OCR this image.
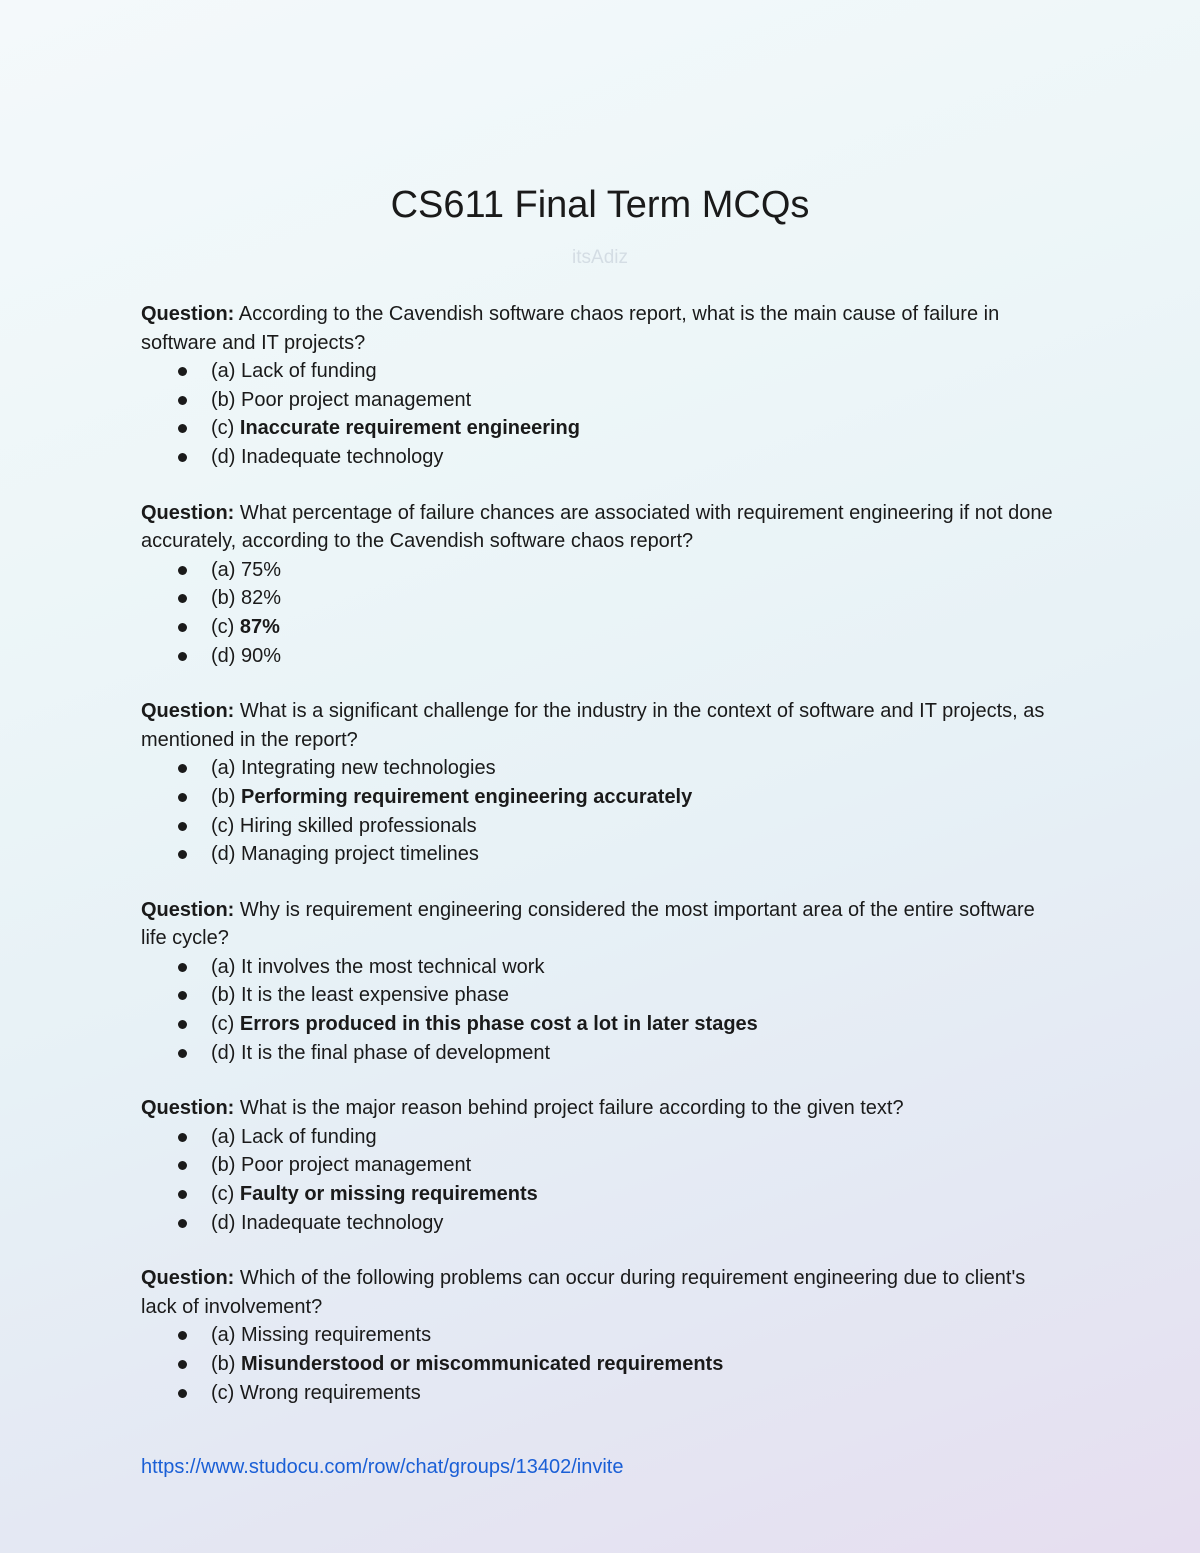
CS611 Final Term MCQs
itsAdiz

Question: According to the Cavendish software chaos report, what is the main cause of failure in software and IT projects?

(a) Lack of funding
(b) Poor project management
(c) Inaccurate requirement engineering
(d) Inadequate technology

Question: What percentage of failure chances are associated with requirement engineering if not done accurately, according to the Cavendish software chaos report?

(a) 75%
(b) 82%
(c) 87%
(d) 90%

Question: What is a significant challenge for the industry in the context of software and IT projects, as mentioned in the report?

(a) Integrating new technologies
(b) Performing requirement engineering accurately
(c) Hiring skilled professionals
(d) Managing project timelines

Question: Why is requirement engineering considered the most important area of the entire software life cycle?

(a) It involves the most technical work
(b) It is the least expensive phase
(c) Errors produced in this phase cost a lot in later stages
(d) It is the final phase of development

Question: What is the major reason behind project failure according to the given text?

(a) Lack of funding
(b) Poor project management
(c) Faulty or missing requirements
(d) Inadequate technology

Question: Which of the following problems can occur during requirement engineering due to client's lack of involvement?

(a) Missing requirements
(b) Misunderstood or miscommunicated requirements
(c) Wrong requirements
https://www.studocu.com/row/chat/groups/13402/invite
